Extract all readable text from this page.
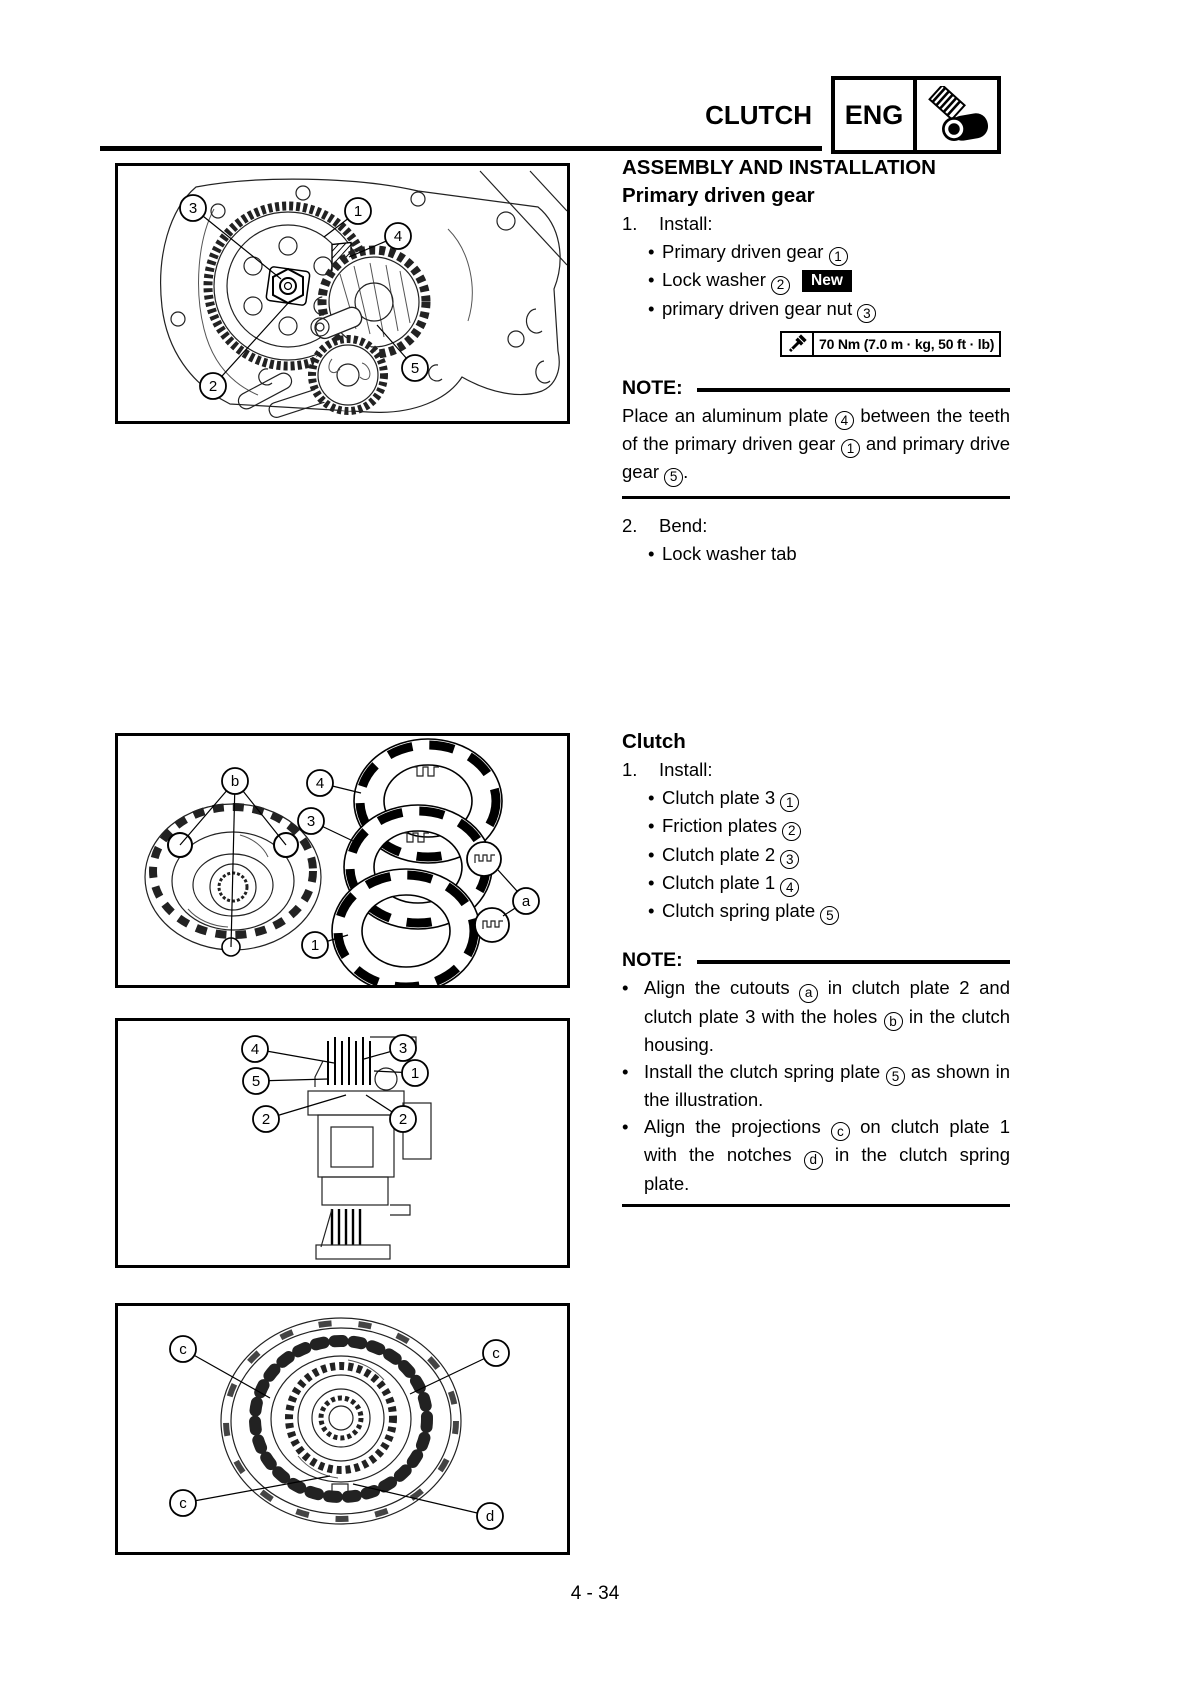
CLUTCH	ENG
3	1
4
2
5
b	4
3
1
a
4	3
5	1
2	2
c	c
c
d
ASSEMBLY AND INSTALLATION
Primary driven gear
1.	Install:
• Primary driven gear 1
• Lock washer 2 New
• primary driven gear nut 3
70 Nm (7.0 m · kg, 50 ft · lb)
NOTE:
Place an aluminum plate 4 between the teeth of the primary driven gear 1 and primary drive gear 5 .
2.	Bend:
• Lock washer tab
Clutch
1.	Install:
• Clutch plate 3 1
• Friction plates 2
• Clutch plate 2 3
• Clutch plate 1 4
• Clutch spring plate 5
NOTE:
• Align the cutouts a in clutch plate 2 and clutch plate 3 with the holes b in the clutch housing.
• Install the clutch spring plate 5 as shown in the illustration.
• Align the projections c on clutch plate 1 with the notches d in the clutch spring plate.
4 - 34
